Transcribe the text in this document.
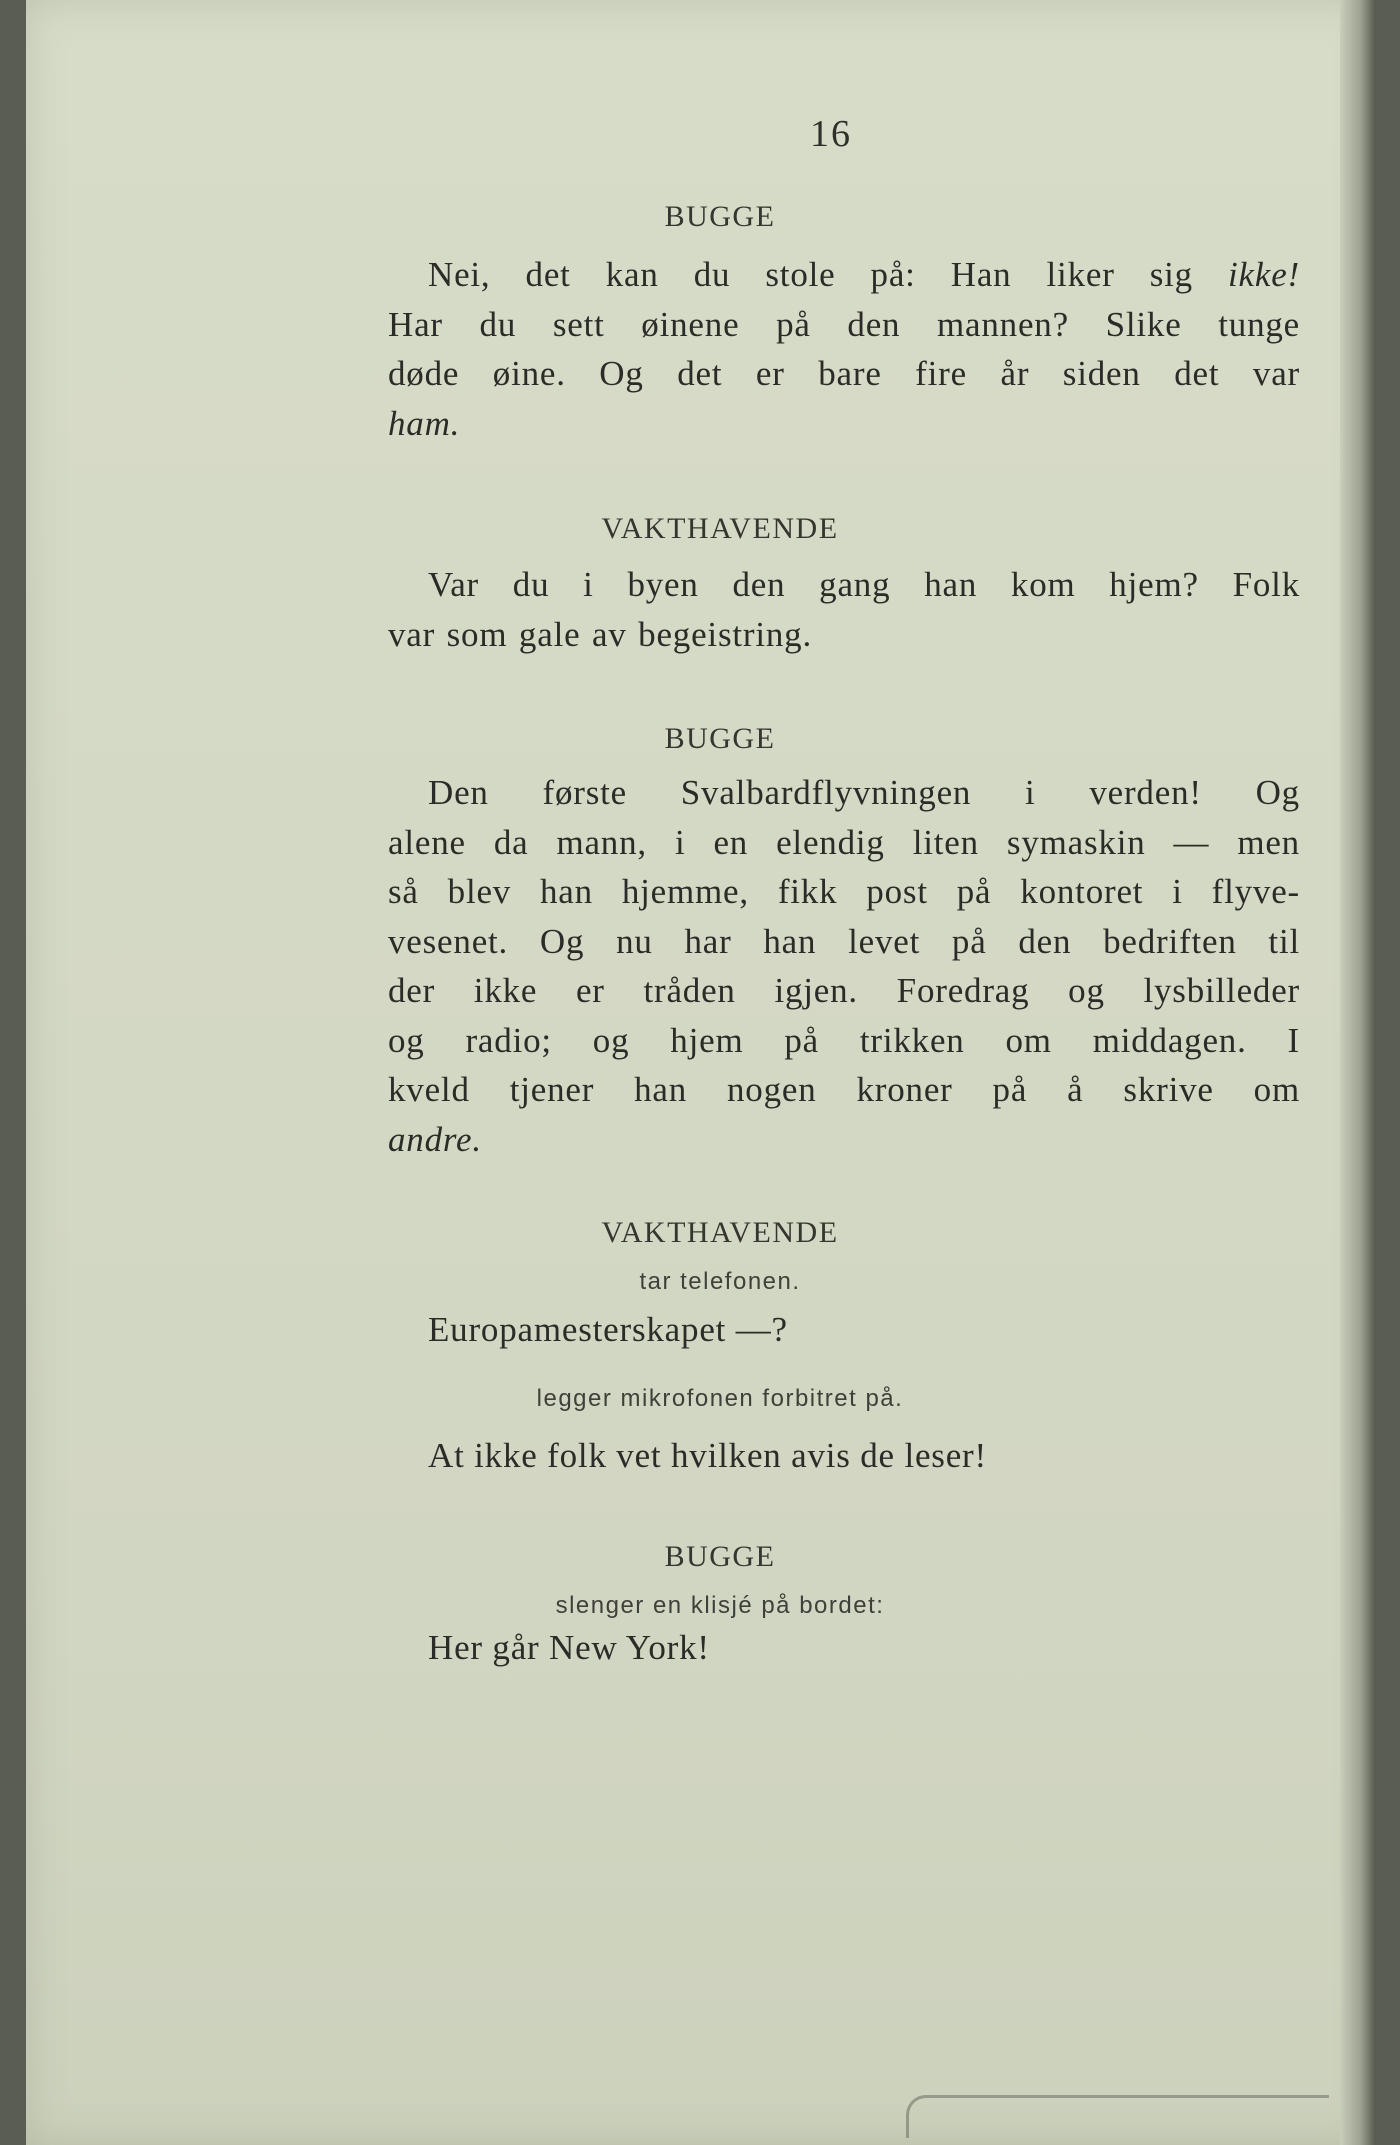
16
BUGGE
Nei, det kan du stole på: Han liker sig ikke!
Har du sett øinene på den mannen? Slike tunge
døde øine. Og det er bare fire år siden det var
ham.
VAKTHAVENDE
Var du i byen den gang han kom hjem? Folk
var som gale av begeistring.
BUGGE
Den første Svalbardflyvningen i verden! Og
alene da mann, i en elendig liten symaskin — men
så blev han hjemme, fikk post på kontoret i flyve-
vesenet. Og nu har han levet på den bedriften til
der ikke er tråden igjen. Foredrag og lysbilleder
og radio; og hjem på trikken om middagen. I
kveld tjener han nogen kroner på å skrive om
andre.
VAKTHAVENDE
tar telefonen.
Europamesterskapet —?
legger mikrofonen forbitret på.
At ikke folk vet hvilken avis de leser!
BUGGE
slenger en klisjé på bordet:
Her går New York!
